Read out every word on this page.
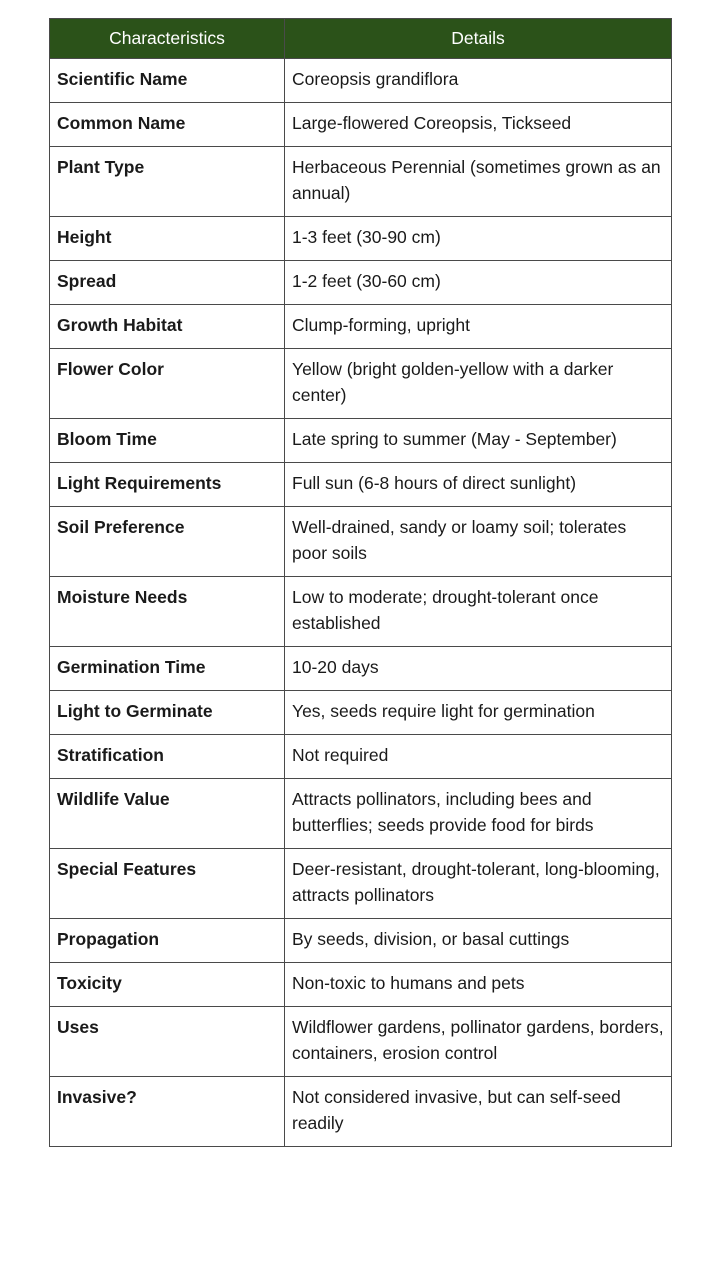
Characteristics	Details
Scientific Name	Coreopsis grandiflora
Common Name	Large-flowered Coreopsis, Tickseed
Plant Type	Herbaceous Perennial (sometimes grown as an annual)
Height	1-3 feet (30-90 cm)
Spread	1-2 feet (30-60 cm)
Growth Habitat	Clump-forming, upright
Flower Color	Yellow (bright golden-yellow with a darker center)
Bloom Time	Late spring to summer (May - September)
Light Requirements	Full sun (6-8 hours of direct sunlight)
Soil Preference	Well-drained, sandy or loamy soil; tolerates poor soils
Moisture Needs	Low to moderate; drought-tolerant once established
Germination Time	10-20 days
Light to Germinate	Yes, seeds require light for germination
Stratification	Not required
Wildlife Value	Attracts pollinators, including bees and butterflies; seeds provide food for birds
Special Features	Deer-resistant, drought-tolerant, long-blooming, attracts pollinators
Propagation	By seeds, division, or basal cuttings
Toxicity	Non-toxic to humans and pets
Uses	Wildflower gardens, pollinator gardens, borders, containers, erosion control
Invasive?	Not considered invasive, but can self-seed readily
